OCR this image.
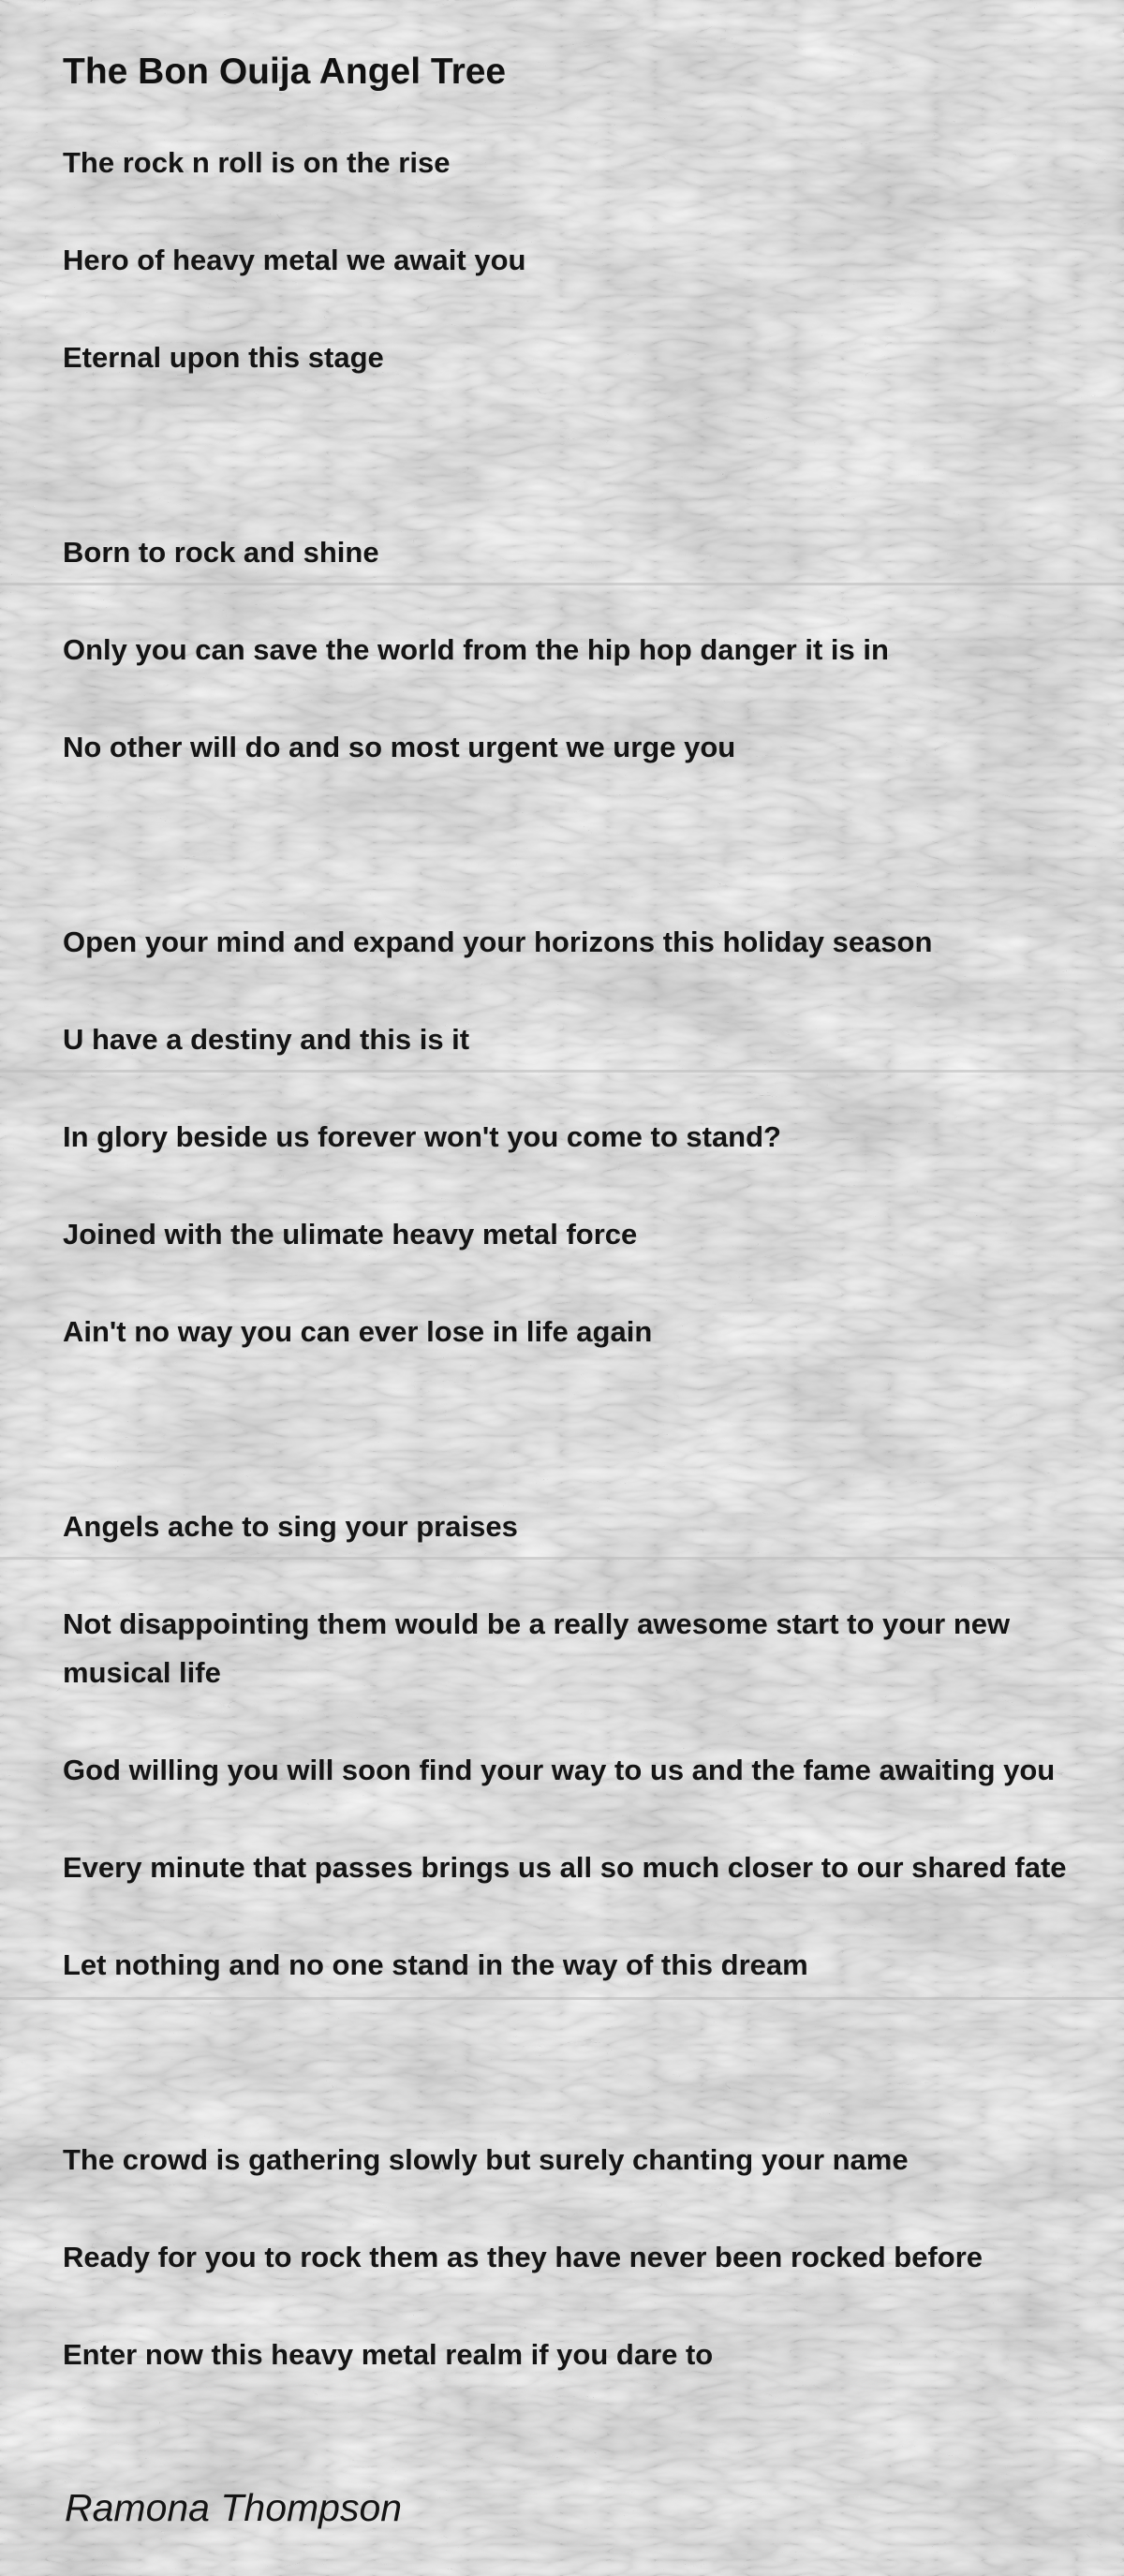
The Bon Ouija Angel Tree

The rock n roll is on the rise

Hero of heavy metal we await you

Eternal upon this stage

Born to rock and shine

Only you can save the world from the hip hop danger it is in

No other will do and so most urgent we urge you

Open your mind and expand your horizons this holiday season

U have a destiny and this is it

In glory beside us forever won't you come to stand?

Joined with the ulimate heavy metal force

Ain't no way you can ever lose in life again

Angels ache to sing your praises

Not disappointing them would be a really awesome start to your new musical life

God willing you will soon find your way to us and the fame awaiting you

Every minute that passes brings us all so much closer to our shared fate

Let nothing and no one stand in the way of this dream

The crowd is gathering slowly but surely chanting your name

Ready for you to rock them as they have never been rocked before

Enter now this heavy metal realm if you dare to

Ramona Thompson
